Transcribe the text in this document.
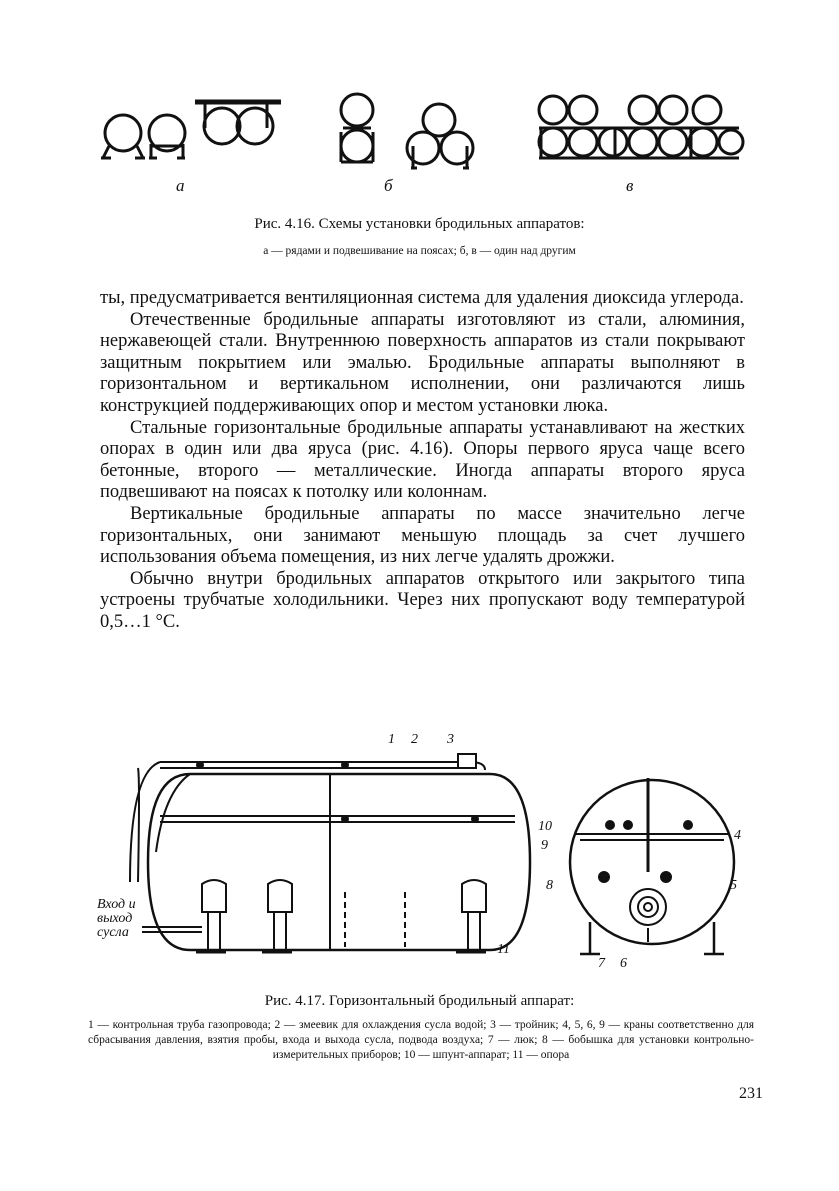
а	б	в
Рис. 4.16. Схемы установки бродильных аппаратов:
а — рядами и подвешивание на поясах; б, в — один над другим

ты, предусматривается вентиляционная система для удаления диоксида углерода.

Отечественные бродильные аппараты изготовляют из стали, алюминия, нержавеющей стали. Внутреннюю поверхность аппаратов из стали покрывают защитным покрытием или эмалью. Бродильные аппараты выполняют в горизонтальном и вертикальном исполнении, они различаются лишь конструкцией поддерживающих опор и местом установки люка.

Стальные горизонтальные бродильные аппараты устанавливают на жестких опорах в один или два яруса (рис. 4.16). Опоры первого яруса чаще всего бетонные, второго — металлические. Иногда аппараты второго яруса подвешивают на поясах к потолку или колоннам.

Вертикальные бродильные аппараты по массе значительно легче горизонтальных, они занимают меньшую площадь за счет лучшего использования объема помещения, из них легче удалять дрожжи.

Обычно внутри бродильных аппаратов открытого или закрытого типа устроены трубчатые холодильники. Через них пропускают воду температурой 0,5…1 °С.

1 2 3
4
5
6
7
8
9
10
11
Вход и
выход
сусла
Рис. 4.17. Горизонтальный бродильный аппарат:
1 — контрольная труба газопровода; 2 — змеевик для охлаждения сусла водой; 3 — тройник; 4, 5, 6, 9 — краны соответственно для сбрасывания давления, взятия пробы, входа и выхода сусла, подвода воздуха; 7 — люк; 8 — бобышка для установки контрольно-измерительных приборов; 10 — шпунт-аппарат; 11 — опора
231
